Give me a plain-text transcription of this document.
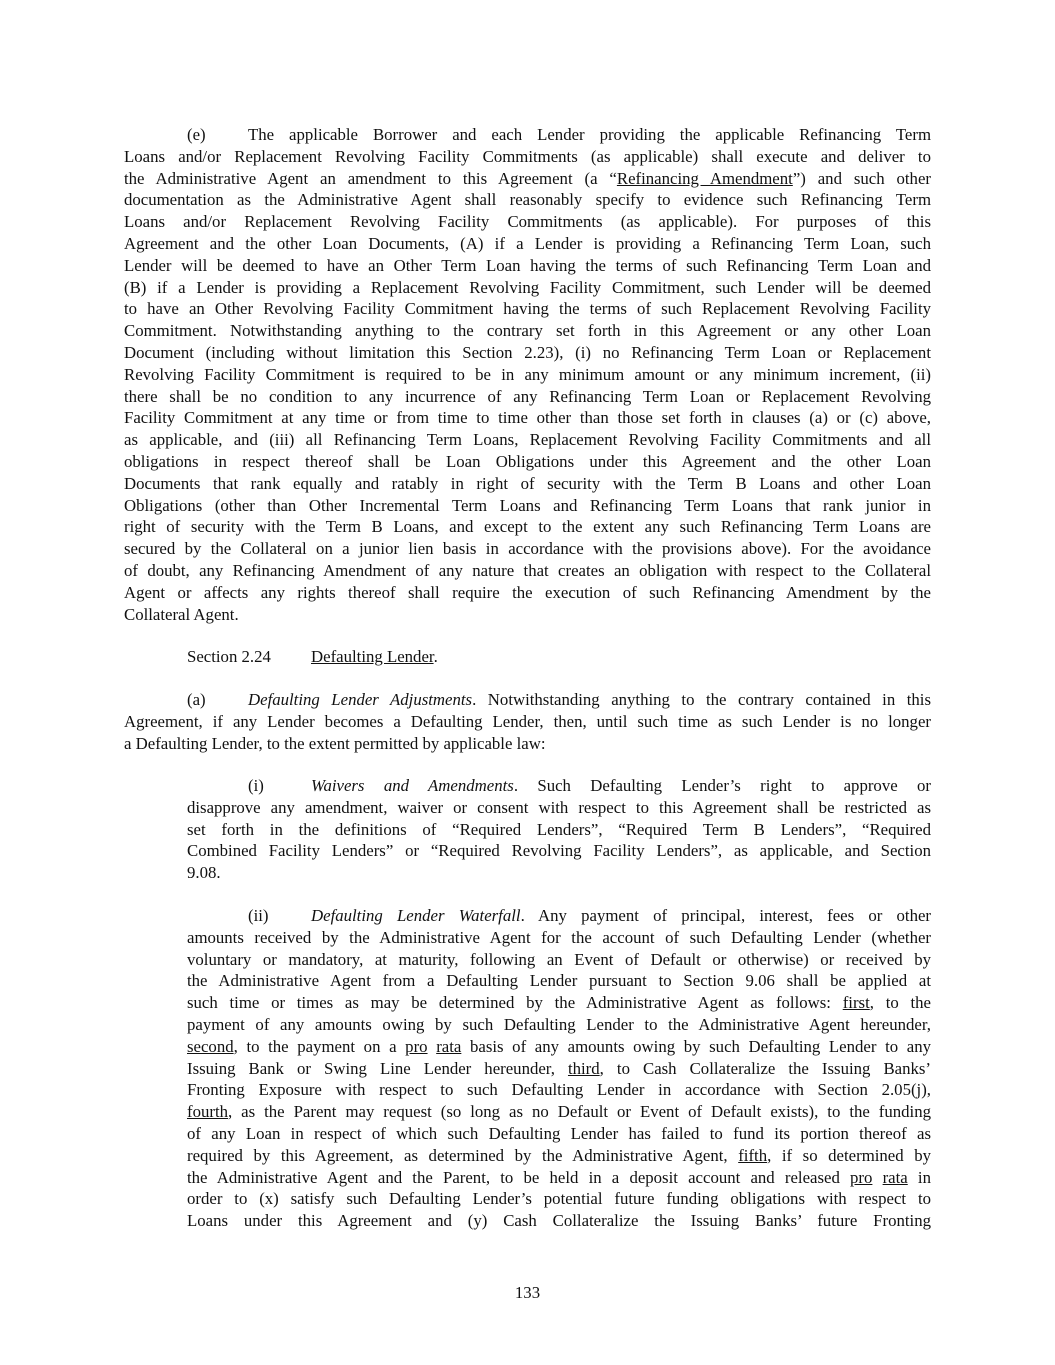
(e)	The applicable Borrower and each Lender providing the applicable Refinancing Term
Loans and/or Replacement Revolving Facility Commitments (as applicable) shall execute and deliver to
the Administrative Agent an amendment to this Agreement (a “Refinancing Amendment”) and such other
documentation as the Administrative Agent shall reasonably specify to evidence such Refinancing Term
Loans and/or Replacement Revolving Facility Commitments (as applicable). For purposes of this
Agreement and the other Loan Documents, (A) if a Lender is providing a Refinancing Term Loan, such
Lender will be deemed to have an Other Term Loan having the terms of such Refinancing Term Loan and
(B) if a Lender is providing a Replacement Revolving Facility Commitment, such Lender will be deemed
to have an Other Revolving Facility Commitment having the terms of such Replacement Revolving Facility
Commitment. Notwithstanding anything to the contrary set forth in this Agreement or any other Loan
Document (including without limitation this Section 2.23), (i) no Refinancing Term Loan or Replacement
Revolving Facility Commitment is required to be in any minimum amount or any minimum increment, (ii)
there shall be no condition to any incurrence of any Refinancing Term Loan or Replacement Revolving
Facility Commitment at any time or from time to time other than those set forth in clauses (a) or (c) above,
as applicable, and (iii) all Refinancing Term Loans, Replacement Revolving Facility Commitments and all
obligations in respect thereof shall be Loan Obligations under this Agreement and the other Loan
Documents that rank equally and ratably in right of security with the Term B Loans and other Loan
Obligations (other than Other Incremental Term Loans and Refinancing Term Loans that rank junior in
right of security with the Term B Loans, and except to the extent any such Refinancing Term Loans are
secured by the Collateral on a junior lien basis in accordance with the provisions above). For the avoidance
of doubt, any Refinancing Amendment of any nature that creates an obligation with respect to the Collateral
Agent or affects any rights thereof shall require the execution of such Refinancing Amendment by the
Collateral Agent.
Section 2.24 Defaulting Lender.
(a)	Defaulting Lender Adjustments. Notwithstanding anything to the contrary contained in this
Agreement, if any Lender becomes a Defaulting Lender, then, until such time as such Lender is no longer
a Defaulting Lender, to the extent permitted by applicable law:
(i)	Waivers and Amendments. Such Defaulting Lender’s right to approve or
disapprove any amendment, waiver or consent with respect to this Agreement shall be restricted as
set forth in the definitions of “Required Lenders”, “Required Term B Lenders”, “Required
Combined Facility Lenders” or “Required Revolving Facility Lenders”, as applicable, and Section
9.08.
(ii)	Defaulting Lender Waterfall. Any payment of principal, interest, fees or other
amounts received by the Administrative Agent for the account of such Defaulting Lender (whether
voluntary or mandatory, at maturity, following an Event of Default or otherwise) or received by
the Administrative Agent from a Defaulting Lender pursuant to Section 9.06 shall be applied at
such time or times as may be determined by the Administrative Agent as follows: first, to the
payment of any amounts owing by such Defaulting Lender to the Administrative Agent hereunder,
second, to the payment on a pro rata basis of any amounts owing by such Defaulting Lender to any
Issuing Bank or Swing Line Lender hereunder, third, to Cash Collateralize the Issuing Banks’
Fronting Exposure with respect to such Defaulting Lender in accordance with Section 2.05(j),
fourth, as the Parent may request (so long as no Default or Event of Default exists), to the funding
of any Loan in respect of which such Defaulting Lender has failed to fund its portion thereof as
required by this Agreement, as determined by the Administrative Agent, fifth, if so determined by
the Administrative Agent and the Parent, to be held in a deposit account and released pro rata in
order to (x) satisfy such Defaulting Lender’s potential future funding obligations with respect to
Loans under this Agreement and (y) Cash Collateralize the Issuing Banks’ future Fronting
133
